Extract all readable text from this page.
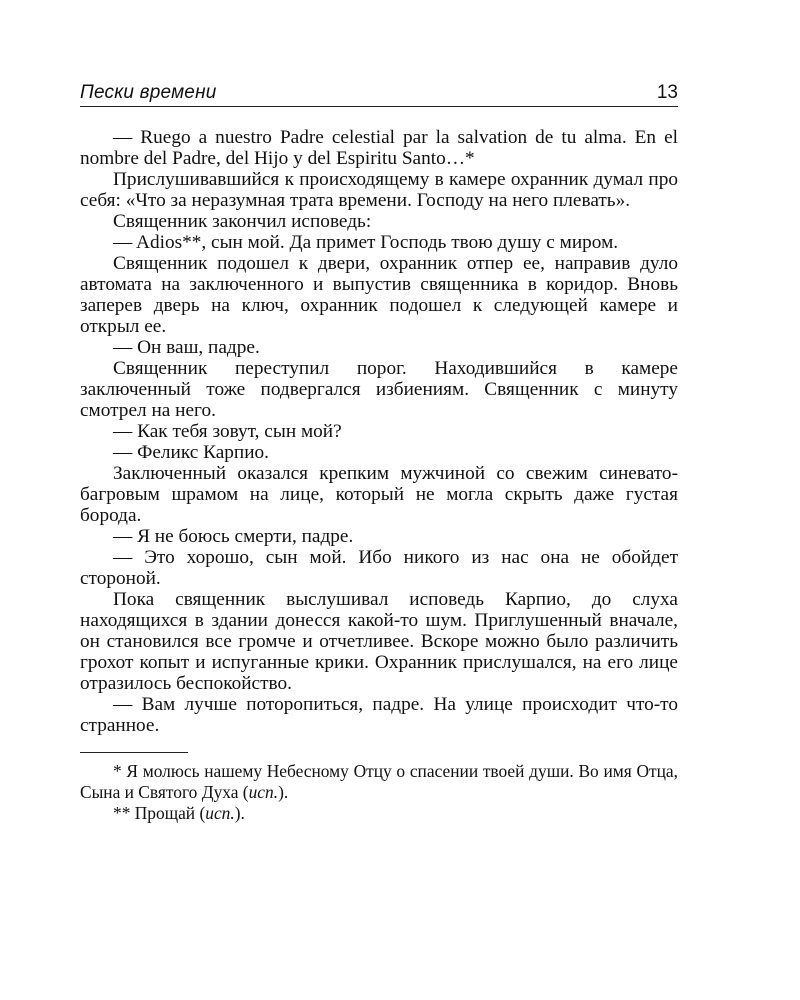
Пески времени	13

— Ruego a nuestro Padre celestial par la salvation de tu alma. En el nombre del Padre, del Hijo y del Espiritu Santo…*

Прислушивавшийся к происходящему в камере охранник думал про себя: «Что за неразумная трата времени. Господу на него плевать».

Священник закончил исповедь:

— Adios**, сын мой. Да примет Господь твою душу с миром.

Священник подошел к двери, охранник отпер ее, направив дуло автомата на заключенного и выпустив священника в коридор. Вновь заперев дверь на ключ, охранник подошел к следующей камере и открыл ее.

— Он ваш, падре.

Священник переступил порог. Находившийся в камере заключенный тоже подвергался избиениям. Священник с минуту смотрел на него.

— Как тебя зовут, сын мой?

— Феликс Карпио.

Заключенный оказался крепким мужчиной со свежим синевато-багровым шрамом на лице, который не могла скрыть даже густая борода.

— Я не боюсь смерти, падре.

— Это хорошо, сын мой. Ибо никого из нас она не обойдет стороной.

Пока священник выслушивал исповедь Карпио, до слуха находящихся в здании донесся какой-то шум. Приглушенный вначале, он становился все громче и отчетливее. Вскоре можно было различить грохот копыт и испуганные крики. Охранник прислушался, на его лице отразилось беспокойство.

— Вам лучше поторопиться, падре. На улице происходит что-то странное.

* Я молюсь нашему Небесному Отцу о спасении твоей души. Во имя Отца, Сына и Святого Духа (исп.).

** Прощай (исп.).
